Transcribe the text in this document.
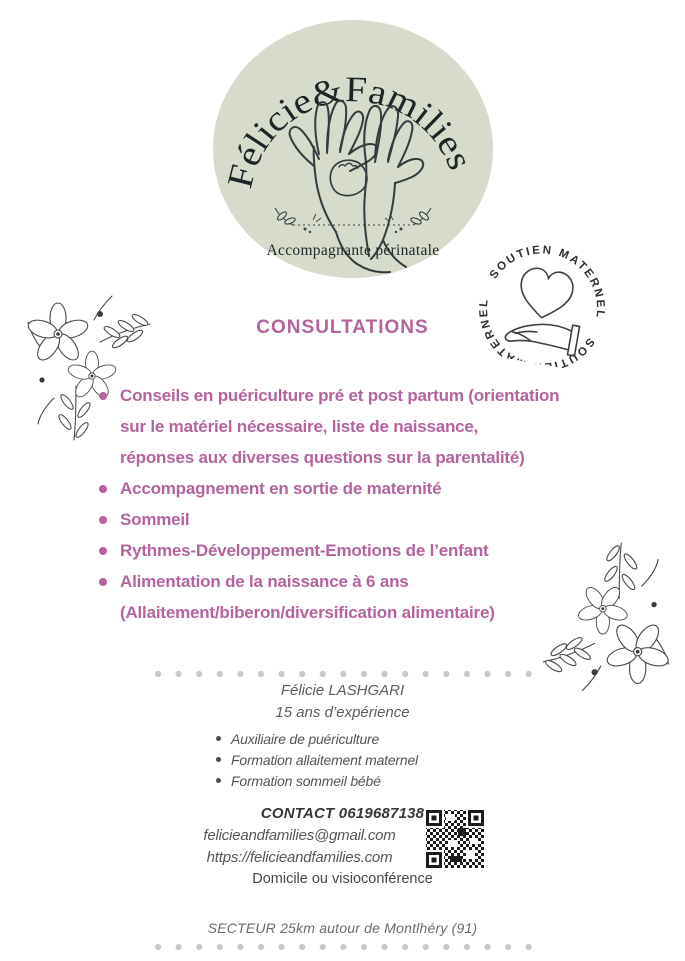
Félicie&Families
Accompagnante périnatale
SOUTIEN MATERNEL SOUTIEN MATERNEL
CONSULTATIONS
Conseils en puériculture pré et post partum (orientation
sur le matériel nécessaire, liste de naissance,
réponses aux diverses questions sur la parentalité)
Accompagnement en sortie de maternité
Sommeil
Rythmes-Développement-Emotions de l’enfant
Alimentation de la naissance à 6 ans
(Allaitement/biberon/diversification alimentaire)
Félicie LASHGARI
15 ans d’expérience
Auxiliaire de puériculture
Formation allaitement maternel
Formation sommeil bébé
CONTACT 0619687138
felicieandfamilies@gmail.com
https://felicieandfamilies.com
Domicile ou visioconférence
SECTEUR 25km autour de Montlhéry (91)
